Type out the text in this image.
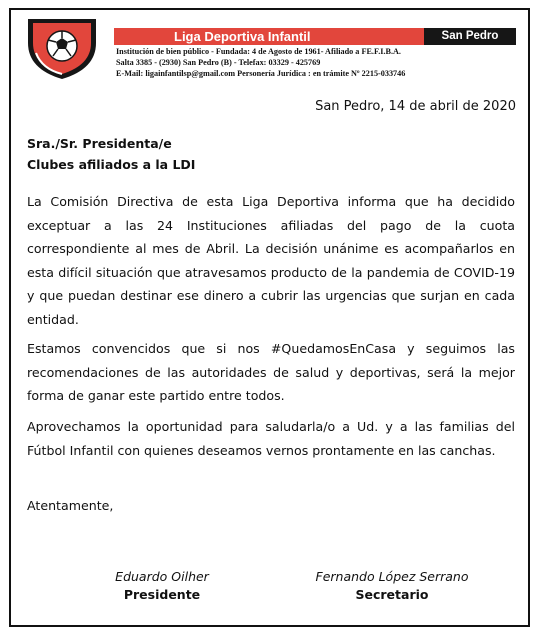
Liga Deportiva Infantil	San Pedro
Institución de bien público - Fundada: 4 de Agosto de 1961- Afiliado a FE.F.I.B.A.
Salta 3385 - (2930) San Pedro (B) - Telefax: 03329 - 425769
E-Mail: ligainfantilsp@gmail.com Personería Jurídica : en trámite Nº 2215-033746
San Pedro, 14 de abril de 2020
Sra./Sr. Presidenta/e
Clubes afiliados a la LDI

La Comisión Directiva de esta Liga Deportiva informa que ha decidido exceptuar a las 24 Instituciones afiliadas del pago de la cuota correspondiente al mes de Abril. La decisión unánime es acompañarlos en esta difícil situación que atravesamos producto de la pandemia de COVID-19 y que puedan destinar ese dinero a cubrir las urgencias que surjan en cada entidad.

Estamos convencidos que si nos #QuedamosEnCasa y seguimos las recomendaciones de las autoridades de salud y deportivas, será la mejor forma de ganar este partido entre todos.

Aprovechamos la oportunidad para saludarla/o a Ud. y a las familias del Fútbol Infantil con quienes deseamos vernos prontamente en las canchas.

Atentamente,
Eduardo Oilher
Presidente
Fernando López Serrano
Secretario
